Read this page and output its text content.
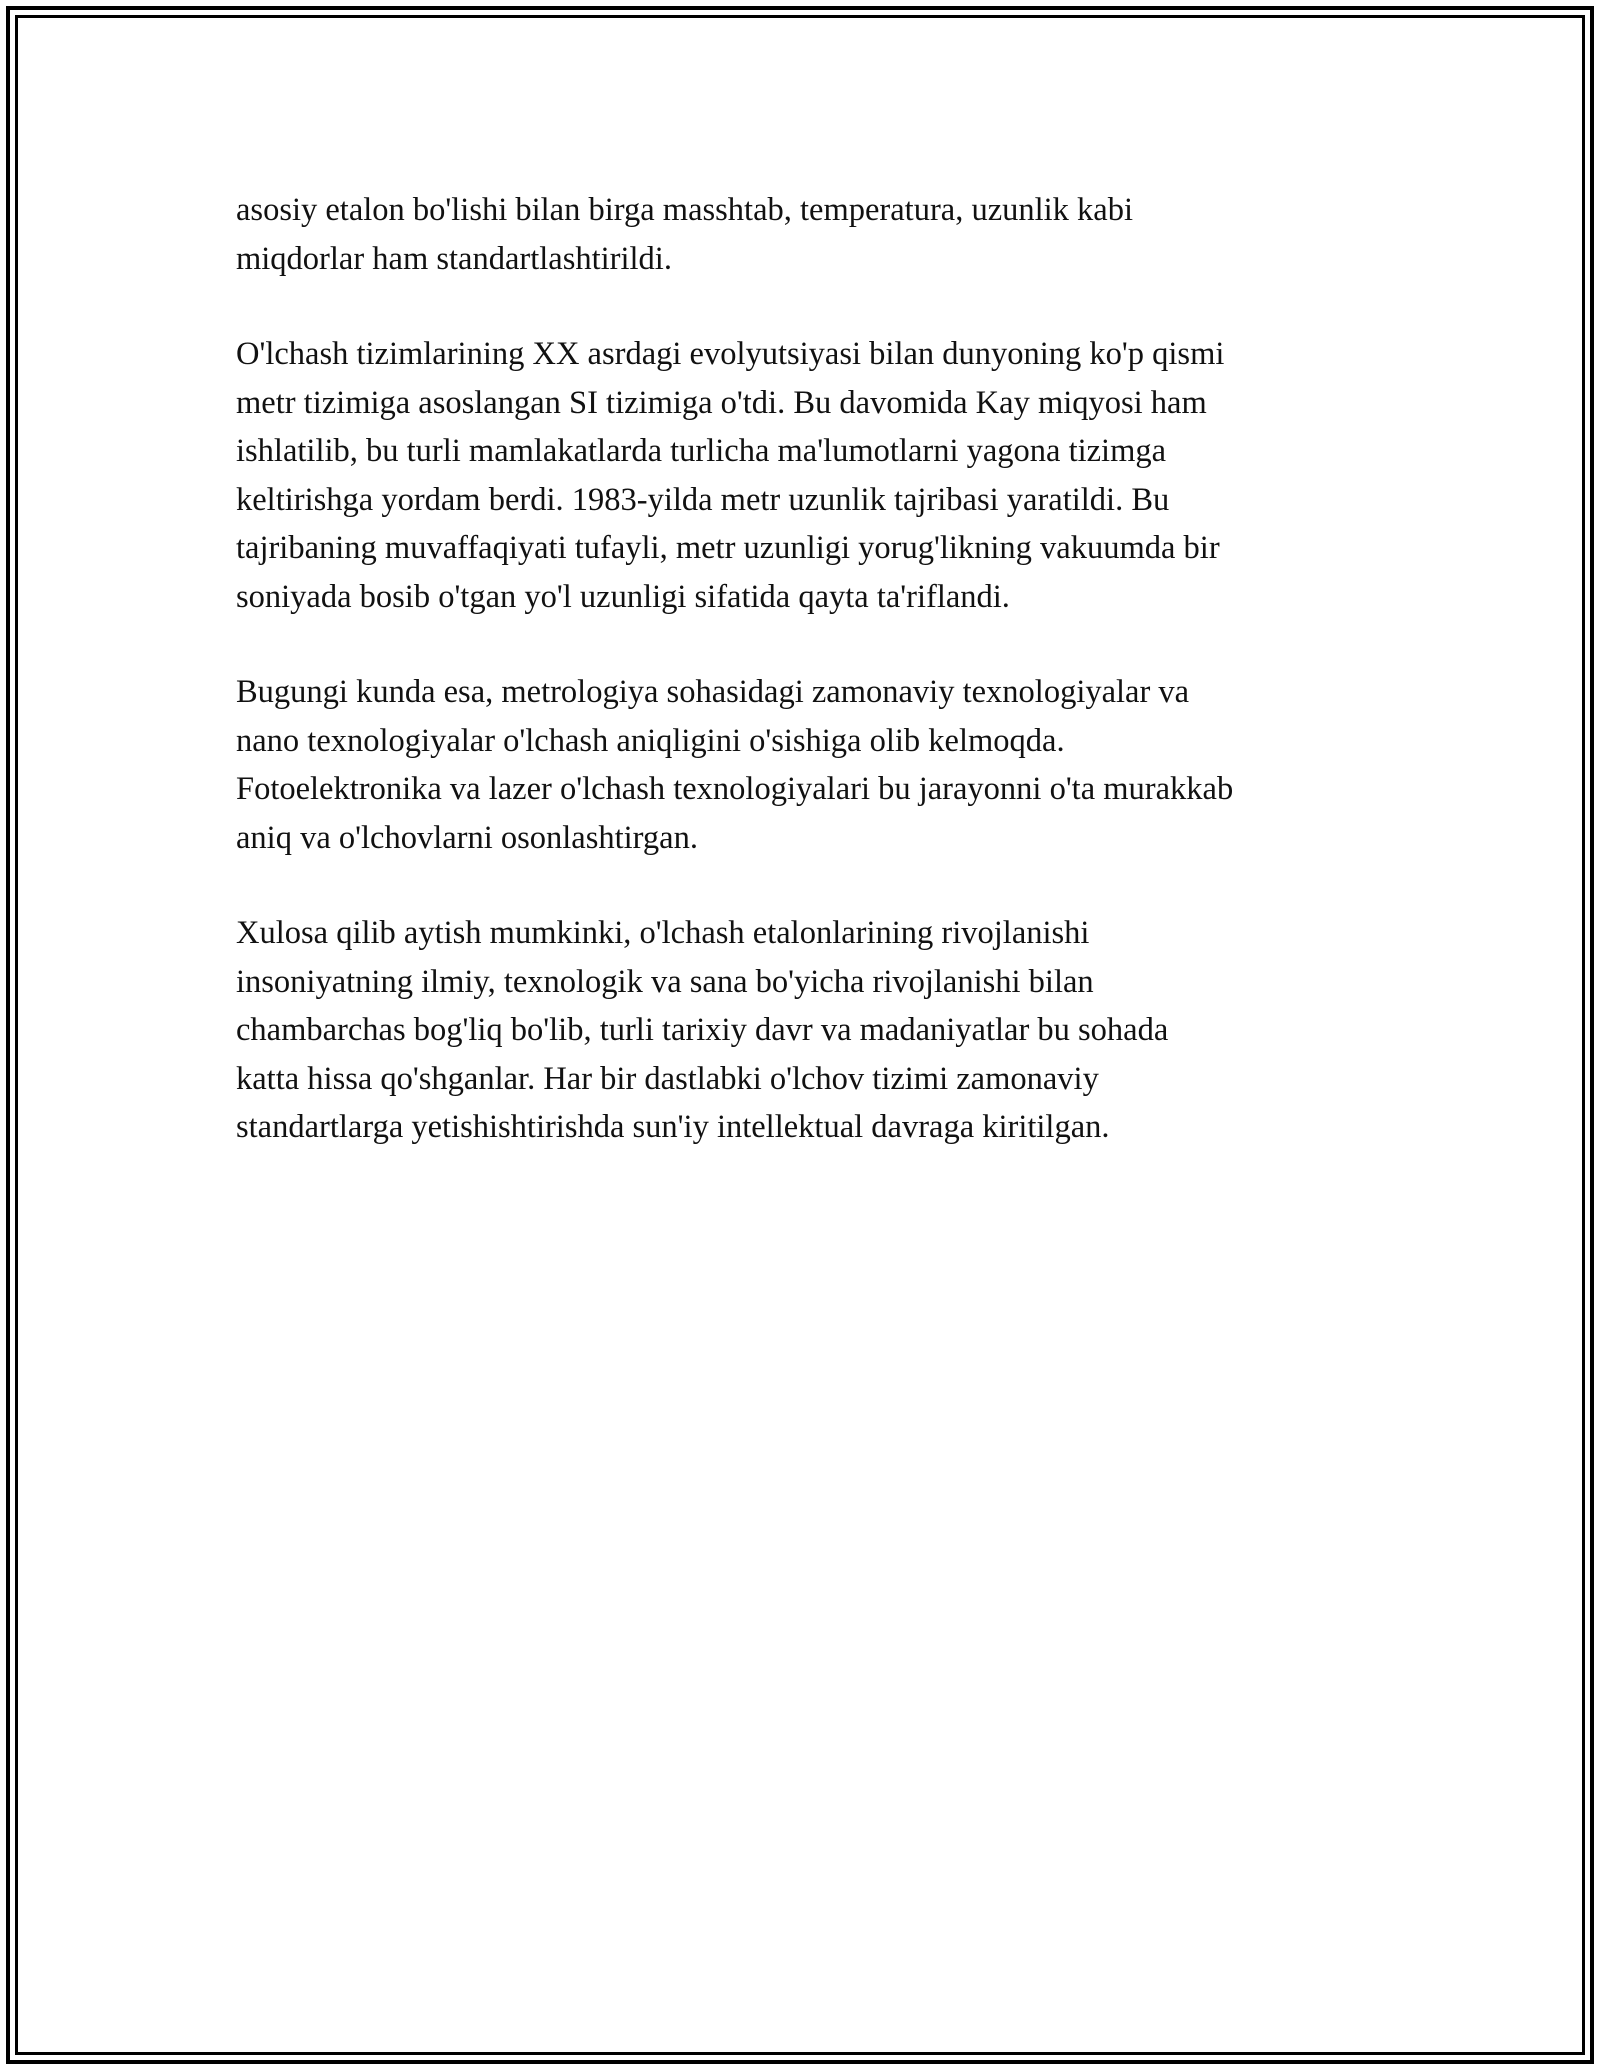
asosiy etalon bo'lishi bilan birga masshtab, temperatura, uzunlik kabi
miqdorlar ham standartlashtirildi.

O'lchash tizimlarining XX asrdagi evolyutsiyasi bilan dunyoning ko'p qismi
metr tizimiga asoslangan SI tizimiga o'tdi. Bu davomida Kay miqyosi ham
ishlatilib, bu turli mamlakatlarda turlicha ma'lumotlarni yagona tizimga
keltirishga yordam berdi. 1983-yilda metr uzunlik tajribasi yaratildi. Bu
tajribaning muvaffaqiyati tufayli, metr uzunligi yorug'likning vakuumda bir
soniyada bosib o'tgan yo'l uzunligi sifatida qayta ta'riflandi.

Bugungi kunda esa, metrologiya sohasidagi zamonaviy texnologiyalar va
nano texnologiyalar o'lchash aniqligini o'sishiga olib kelmoqda.
Fotoelektronika va lazer o'lchash texnologiyalari bu jarayonni o'ta murakkab
aniq va o'lchovlarni osonlashtirgan.

Xulosa qilib aytish mumkinki, o'lchash etalonlarining rivojlanishi
insoniyatning ilmiy, texnologik va sana bo'yicha rivojlanishi bilan
chambarchas bog'liq bo'lib, turli tarixiy davr va madaniyatlar bu sohada
katta hissa qo'shganlar. Har bir dastlabki o'lchov tizimi zamonaviy
standartlarga yetishishtirishda sun'iy intellektual davraga kiritilgan.
